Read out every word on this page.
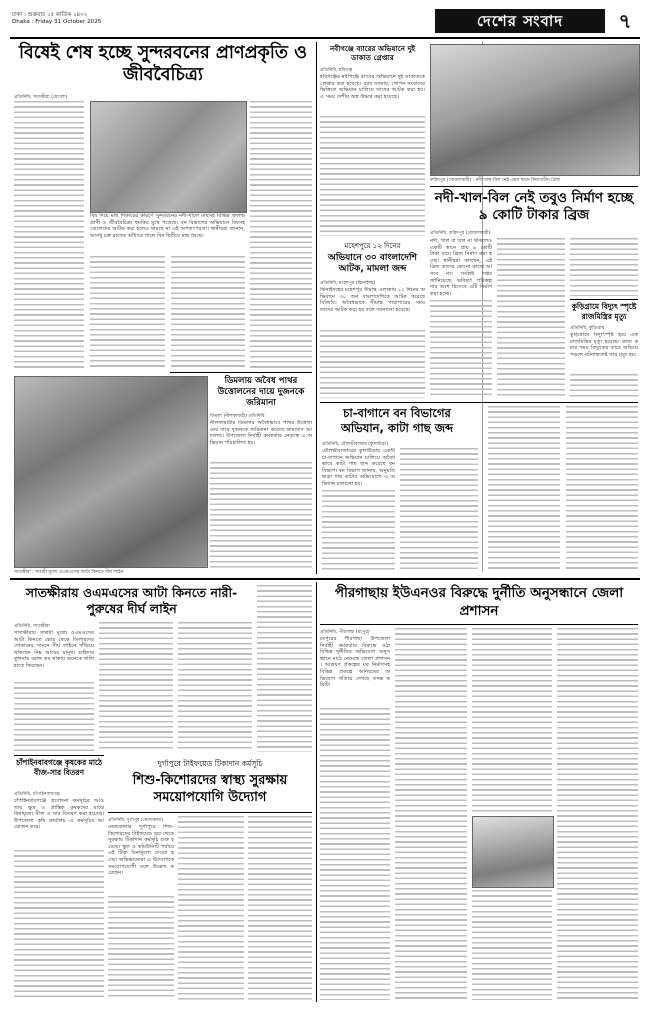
ঢাকা : শুক্রবার ১৫ কার্তিক ১৪৩২
Dhaka : Friday 31 October 2025	দেশের সংবাদ	৭
বিষেই শেষ হচ্ছে সুন্দরবনের প্রাণপ্রকৃতি ও জীববৈচিত্র্য
প্রতিনিধি, সাতক্ষীরা (মোংলা)
বিষ দিয়ে মাছ শিকারের কারণে সুন্দরবনের নদী-খালে মাছসহ বিভিন্ন জলজ প্রাণী ও জীববৈচিত্র্য হুমকির মুখে পড়েছে। বন বিভাগের অভিযানে বিষসহ জেলেদের আটক করা হলেও থামছে না এই অপতৎপরতা। স্থানীয়রা জানান, অসাধু চক্র রাতের আঁধারে খালে বিষ ছিটিয়ে মাছ ধরছে।
নবীগঞ্জে ব্যারের অভিযানে দুই ডাকাত গ্রেপ্তার
প্রতিনিধি, হবিগঞ্জ
হবিগঞ্জের নবীগঞ্জে র‍্যাবের অভিযানে দুই ডাকাতকে গ্রেপ্তার করা হয়েছে। র‍্যাব জানায়, গোপন সংবাদের ভিত্তিতে অভিযান চালিয়ে তাদের আটক করা হয়। এ সময় দেশীয় অস্ত্র উদ্ধার করা হয়েছে।
ফরিদপুর (বোয়ালমারী) : নদী-খাল-বিল নেই এমন স্থানে নির্মাণাধীন ব্রিজ
নদী-খাল-বিল নেই তবুও নির্মাণ হচ্ছে ৯ কোটি টাকার ব্রিজ
প্রতিনিধি, ফরিদপুর (বোয়ালমারী)
মহেশপুরে ১২ দিনের
অভিযানে ৩০ বাংলাদেশি আটক, মামলা জব্দ
প্রতিনিধি, মহেশপুর (ঝিনাইদহ)
ঝিনাইদহের মহেশপুর সীমান্ত এলাকায় ১২ দিনের অভিযানে ৩০ জন বাংলাদেশিকে আটক করেছে বিজিবি। অবৈধভাবে সীমান্ত পারাপারের সময় তাদের আটক করা হয় বলে জানানো হয়েছে।
নদী, খাল বা বিল না থাকলেও একটি স্থানে প্রায় ৯ কোটি টাকা ব্যয়ে ব্রিজ নির্মাণ করা হচ্ছে। স্থানীয়রা বলছেন, এই ব্রিজ তাদের কোনো কাজে আসবে না। সংশ্লিষ্ট দপ্তর জানিয়েছে, ভবিষ্যৎ পরিকল্পনার অংশ হিসেবে এটি নির্মাণ করা হচ্ছে।
কুড়িগ্রামে বিদ্যুৎ স্পৃষ্টে রাজমিস্ত্রির মৃত্যু
প্রতিনিধি, কুড়িগ্রাম
কুড়িগ্রামে বিদ্যুৎস্পৃষ্ট হয়ে এক রাজমিস্ত্রির মৃত্যু হয়েছে। কাজ করার সময় বিদ্যুতের তারে জড়িয়ে পড়লে ঘটনাস্থলেই তার মৃত্যু হয়।
চা-বাগানে বন বিভাগের অভিযান, কাটা গাছ জব্দ
প্রতিনিধি, মৌলভীবাজার (কুলাউড়া)
মৌলভীবাজারের কুলাউড়ায় একটি চা-বাগানে অভিযান চালিয়ে অবৈধভাবে কাটা গাছ জব্দ করেছে বন বিভাগ। বন বিভাগ জানায়, অনুমতি ছাড়া গাছ কাটার অভিযোগে এ অভিযান চালানো হয়।
ডিমলায় অবৈধ পাথর উত্তোলনের দায়ে দুজনকে জরিমানা
ডিমলা (নীলফামারী) প্রতিনিধি
নীলফামারীর ডিমলায় অবৈধভাবে পাথর উত্তোলনের দায়ে দুজনকে জরিমানা করেছে ভ্রাম্যমাণ আদালত। উপজেলা নির্বাহী কর্মকর্তার নেতৃত্বে এ অভিযান পরিচালিত হয়।
সাতক্ষীরা : সাশ্রয়ী মূল্যে ওএমএসের আটা কিনতে দীর্ঘ লাইন
সাতক্ষীরায় ওএমএসের আটা কিনতে নারী-পুরুষের দীর্ঘ লাইন
প্রতিনিধি, সাতক্ষীরা
সাতক্ষীরায় সাশ্রয়ী মূল্যে ওএমএসের আটা কিনতে ভোর থেকে ডিলারদের দোকানের সামনে দীর্ঘ লাইনে দাঁড়িয়ে থাকছেন নিম্ন আয়ের মানুষ। চাহিদার তুলনায় বরাদ্দ কম থাকায় অনেকে খালি হাতে ফিরছেন।
চাঁপাইনবাবগঞ্জে কৃষকের মাঠে বীজ-সার বিতরণ
প্রতিনিধি, চাঁপাইনবাবগঞ্জ
চাঁপাইনবাবগঞ্জে প্রণোদনা কর্মসূচির আওতায় ক্ষুদ্র ও প্রান্তিক কৃষকদের মাঝে বিনামূল্যে বীজ ও সার বিতরণ করা হয়েছে। উপজেলা কৃষি কার্যালয় এ কর্মসূচির আয়োজন করে।
পীরগাছায় ইউএনওর বিরুদ্ধে দুর্নীতি অনুসন্ধানে জেলা প্রশাসন
প্রতিনিধি, পীরগাছা (রংপুর)
রংপুরের পীরগাছা উপজেলা নির্বাহী কর্মকর্তার বিরুদ্ধে ওঠা বিভিন্ন দুর্নীতির অভিযোগ অনুসন্ধানে মাঠে নেমেছে জেলা প্রশাসন। আশ্রয়ণ প্রকল্পের ঘর নির্মাণসহ বিভিন্ন প্রকল্পে অনিয়মের অভিযোগ খতিয়ে দেখছে তদন্ত কমিটি।
দুর্গাপুরে টাইফয়েড টিকাদান কর্মসূচি
শিশু-কিশোরদের স্বাস্থ্য সুরক্ষায় সময়োপযোগি উদ্যোগ
প্রতিনিধি, দুর্গাপুর (নেত্রকোনা)
নেত্রকোনার দুর্গাপুরে শিশু-কিশোরদের টাইফয়েড জ্বর থেকে সুরক্ষায় টিকাদান কর্মসূচি শুরু হয়েছে। স্কুল ও কমিউনিটি পর্যায়ে এই টিকা বিনামূল্যে দেওয়া হচ্ছে। অভিভাবকরা এ উদ্যোগকে সময়োপযোগী বলে উল্লেখ করেছেন।
